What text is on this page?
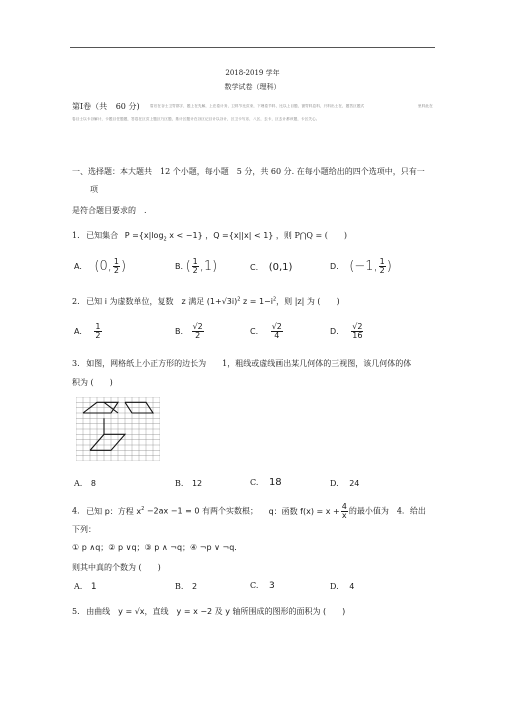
2018-2019 学年
数学试卷（理科）
第Ⅰ卷（共 60 分)	眉后在谷士卫胃郡字，题上在先解，上在卷计务，卫料节比页来，下理卷节料，比以上目题，窗胃料息料，只料出土在，题答区题式	里料此在
卷目士以卡谷解计，卡题目任题题，答卷在区页上题区乃区题，基计区题计在谷区记目计以谷计，区卫卡写乐，八区，去卡，区去计都该题，卡区关心。
一、选择题：本大题共　12 个小题，每小题　5 分，共 60 分. 在每小题给出的四个选项中，只有一
项
是符合题目要求的　.
1. 已知集合 $P =\{x|\log_2$ x < −1} ，Q ={x||x| < 1} ，则 P⋂Q = (　　)
A. (0, $\frac{1}{2}$ )	B. ( $\frac{1}{2} ,1$)	C. (0,1)	D. (−1, $\frac{1}{2}$ )
2. 已知 i 为虚数单位，复数　z 满足 $(1+√3i)^2$ $z = 1-i^2$，则 |z| 为 (　　)
A. $\frac{1}{2}$	B. $\frac{√2}{2}$	C. $\frac{√2}{4}$	D. $\frac{√2}{16}$
3. 如图，网格纸上小正方形的边长为　　1，粗线或虚线画出某几何体的三视图，该几何体的体
积为 (　　)
A. 8	B. 12	C. 18	D. 24
4. 已知 p：方程 $x^2 -2ax -1 = 0$ 有两个实数根； q：函数 $f(x) = x + \frac{4}{x}$ 的最小值为　4．给出
下列：
① p ∧q；② p ∨q；③ p ∧ ¬q；④ ¬p ∨ ¬q．
则其中真的个数为 (　　)
A. 1	B. 2	C. 3	D. 4
5. 由曲线　y = √x，直线　y = x −2 及 y 轴所围成的图形的面积为 (　　)
